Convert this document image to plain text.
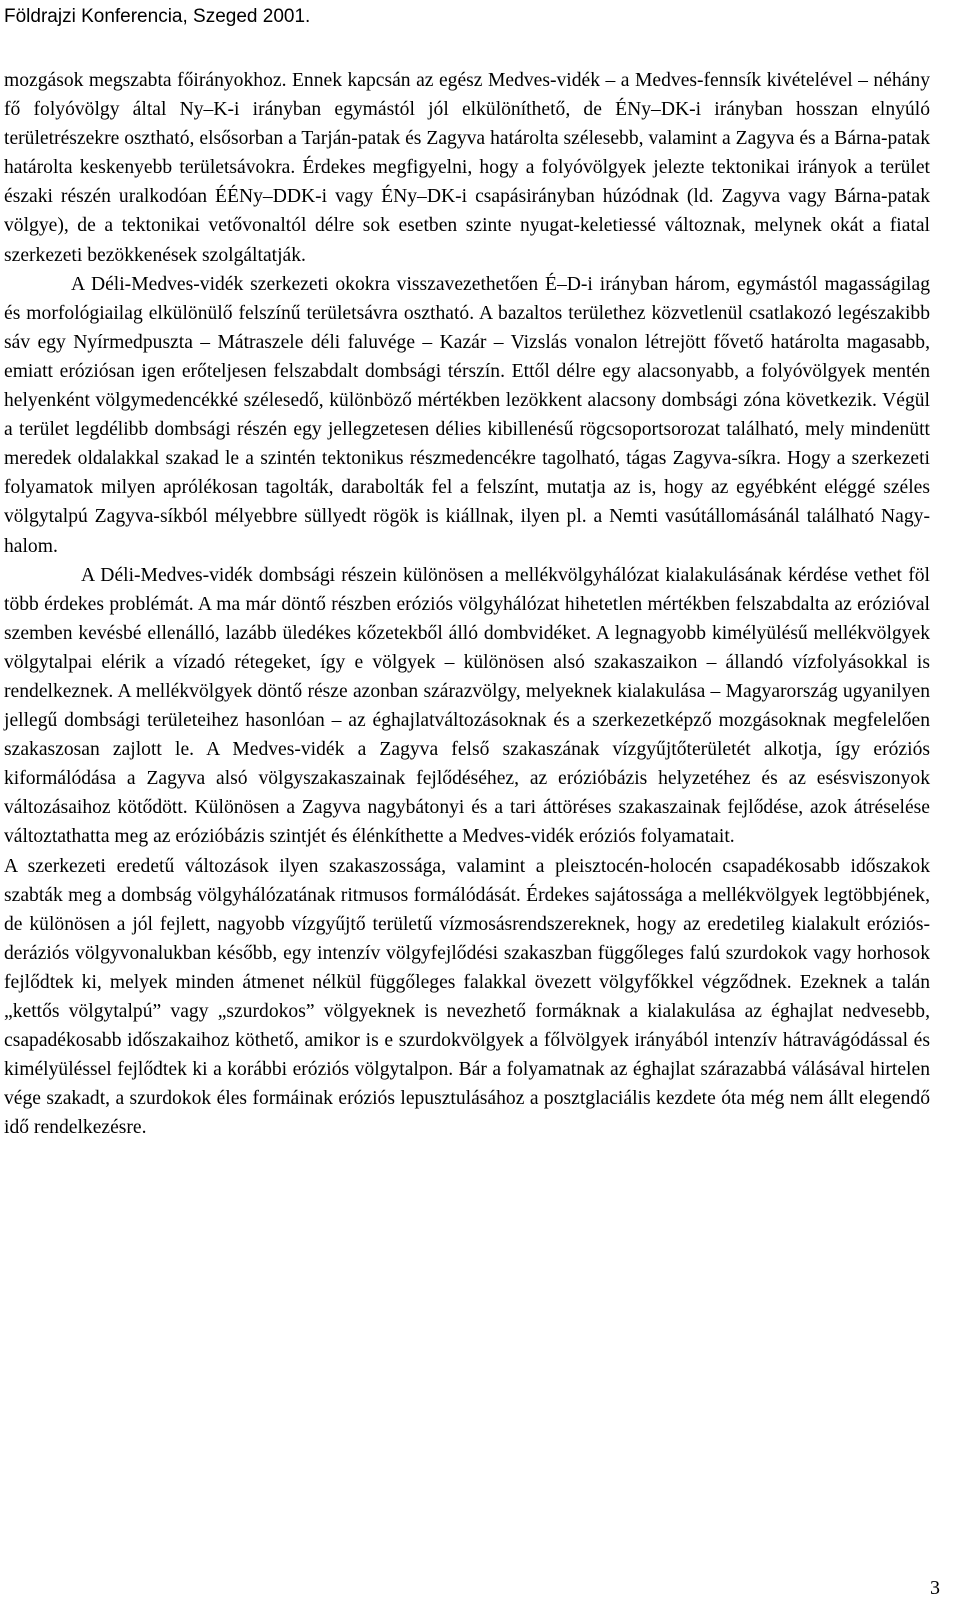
Földrajzi Konferencia, Szeged 2001.

mozgások megszabta főirányokhoz. Ennek kapcsán az egész Medves-vidék – a Medves-fennsík kivételével – néhány fő folyóvölgy által Ny–K-i irányban egymástól jól elkülöníthető, de ÉNy–DK-i irányban hosszan elnyúló területrészekre osztható, elsősorban a Tarján-patak és Zagyva határolta szélesebb, valamint a Zagyva és a Bárna-patak határolta keskenyebb területsávokra. Érdekes megfigyelni, hogy a folyóvölgyek jelezte tektonikai irányok a terület északi részén uralkodóan ÉÉNy–DDK-i vagy ÉNy–DK-i csapásirányban húzódnak (ld. Zagyva vagy Bárna-patak völgye), de a tektonikai vetővonaltól délre sok esetben szinte nyugat-keletiessé változnak, melynek okát a fiatal szerkezeti bezökkenések szolgáltatják.

A Déli-Medves-vidék szerkezeti okokra visszavezethetően É–D-i irányban három, egymástól magasságilag és morfológiailag elkülönülő felszínű területsávra osztható. A bazaltos területhez közvetlenül csatlakozó legészakibb sáv egy Nyírmedpuszta – Mátraszele déli faluvége – Kazár – Vizslás vonalon létrejött fővető határolta magasabb, emiatt eróziósan igen erőteljesen felszabdalt dombsági térszín. Ettől délre egy alacsonyabb, a folyóvölgyek mentén helyenként völgymedencékké szélesedő, különböző mértékben lezökkent alacsony dombsági zóna következik. Végül a terület legdélibb dombsági részén egy jellegzetesen délies kibillenésű rögcsoportsorozat található, mely mindenütt meredek oldalakkal szakad le a szintén tektonikus részmedencékre tagolható, tágas Zagyva-síkra. Hogy a szerkezeti folyamatok milyen aprólékosan tagolták, darabolták fel a felszínt, mutatja az is, hogy az egyébként eléggé széles völgytalpú Zagyva-síkból mélyebbre süllyedt rögök is kiállnak, ilyen pl. a Nemti vasútállomásánál található Nagy-halom.

A Déli-Medves-vidék dombsági részein különösen a mellékvölgyhálózat kialakulásának kérdése vethet föl több érdekes problémát. A ma már döntő részben eróziós völgyhálózat hihetetlen mértékben felszabdalta az erózióval szemben kevésbé ellenálló, lazább üledékes kőzetekből álló dombvidéket. A legnagyobb kimélyülésű mellékvölgyek völgytalpai elérik a vízadó rétegeket, így e völgyek – különösen alsó szakaszaikon – állandó vízfolyásokkal is rendelkeznek. A mellékvölgyek döntő része azonban szárazvölgy, melyeknek kialakulása – Magyarország ugyanilyen jellegű dombsági területeihez hasonlóan – az éghajlatváltozásoknak és a szerkezetképző mozgásoknak megfelelően szakaszosan zajlott le. A Medves-vidék a Zagyva felső szakaszának vízgyűjtőterületét alkotja, így eróziós kiformálódása a Zagyva alsó völgyszakaszainak fejlődéséhez, az erózióbázis helyzetéhez és az esésviszonyok változásaihoz kötődött. Különösen a Zagyva nagybátonyi és a tari áttöréses szakaszainak fejlődése, azok átréselése változtathatta meg az erózióbázis szintjét és élénkíthette a Medves-vidék eróziós folyamatait.

A szerkezeti eredetű változások ilyen szakaszossága, valamint a pleisztocén-holocén csapadékosabb időszakok szabták meg a dombság völgyhálózatának ritmusos formálódását. Érdekes sajátossága a mellékvölgyek legtöbbjének, de különösen a jól fejlett, nagyobb vízgyűjtő területű vízmosásrendszereknek, hogy az eredetileg kialakult eróziós-deráziós völgyvonalukban később, egy intenzív völgyfejlődési szakaszban függőleges falú szurdokok vagy horhosok fejlődtek ki, melyek minden átmenet nélkül függőleges falakkal övezett völgyfőkkel végződnek. Ezeknek a talán „kettős völgytalpú” vagy „szurdokos” völgyeknek is nevezhető formáknak a kialakulása az éghajlat nedvesebb, csapadékosabb időszakaihoz köthető, amikor is e szurdokvölgyek a főlvölgyek irányából intenzív hátravágódással és kimélyüléssel fejlődtek ki a korábbi eróziós völgytalpon. Bár a folyamatnak az éghajlat szárazabbá válásával hirtelen vége szakadt, a szurdokok éles formáinak eróziós lepusztulásához a posztglaciális kezdete óta még nem állt elegendő idő rendelkezésre.

3
